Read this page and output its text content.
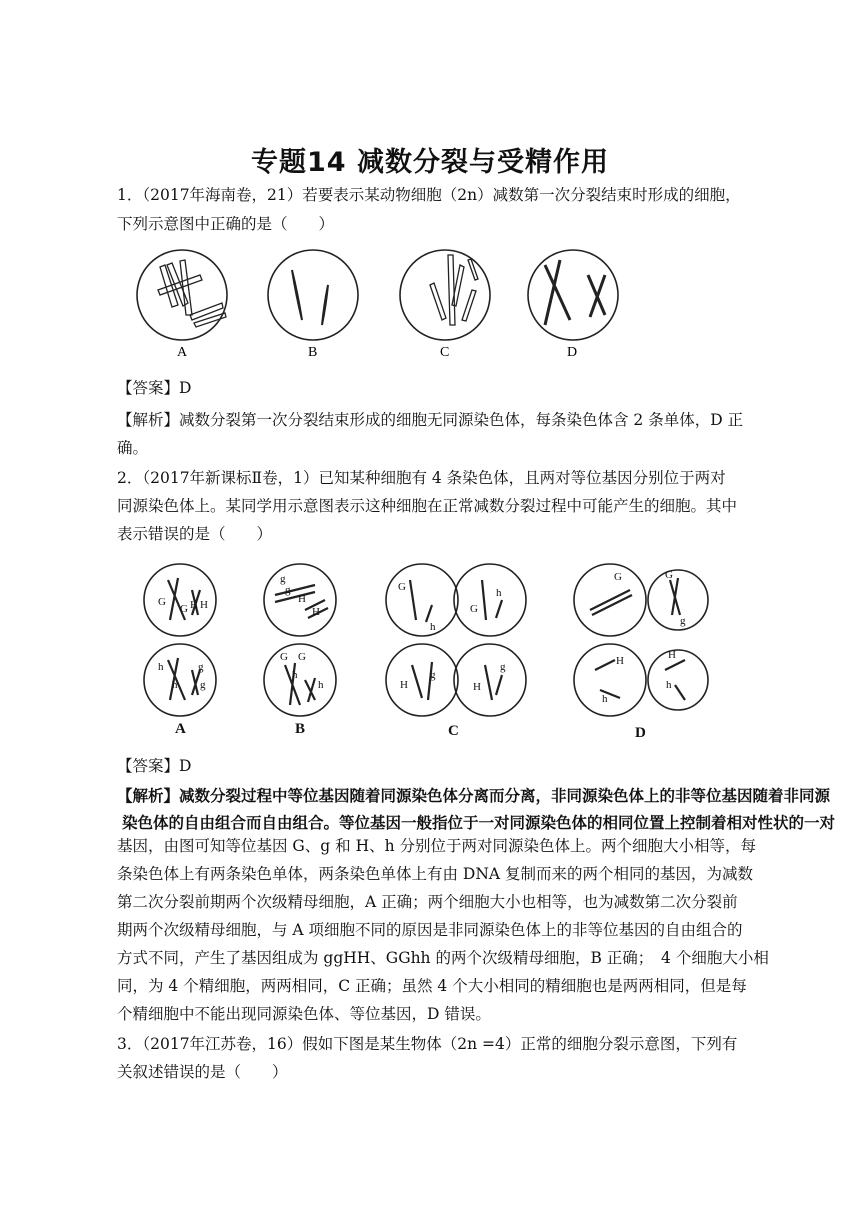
专题14 减数分裂与受精作用
1．（2017年海南卷，21）若要表示某动物细胞（2n）减数第一次分裂结束时形成的细胞，
下列示意图中正确的是（　　）
A	B	C	D
【答案】D
【解析】减数分裂第一次分裂结束形成的细胞无同源染色体，每条染色体含 2 条单体，D 正
确。
2．（2017年新课标Ⅱ卷，1）已知某种细胞有 4 条染色体，且两对等位基因分别位于两对
同源染色体上。某同学用示意图表示这种细胞在正常减数分裂过程中可能产生的细胞。其中
表示错误的是（　　）
G
G H H
h	g
h g
g
H
H
g
G G
h
h
G
h
G
h
H
g
H
g
G	G
g
H
h
H
h
A	B	C	D
【答案】D
【解析】减数分裂过程中等位基因随着同源染色体分离而分离，非同源染色体上的非等位基因随着非同源
染色体的自由组合而自由组合。等位基因一般指位于一对同源染色体的相同位置上控制着相对性状的一对
基因，由图可知等位基因 G、g 和 H、h 分别位于两对同源染色体上。两个细胞大小相等，每
条染色体上有两条染色单体，两条染色单体上有由 DNA 复制而来的两个相同的基因，为减数
第二次分裂前期两个次级精母细胞，A 正确；两个细胞大小也相等，也为减数第二次分裂前
期两个次级精母细胞，与 A 项细胞不同的原因是非同源染色体上的非等位基因的自由组合的
方式不同，产生了基因组成为 ggHH、GGhh 的两个次级精母细胞，B 正确；　4 个细胞大小相
同，为 4 个精细胞，两两相同，C 正确；虽然 4 个大小相同的精细胞也是两两相同，但是每
个精细胞中不能出现同源染色体、等位基因，D 错误。
3．（2017年江苏卷，16）假如下图是某生物体（2n =4）正常的细胞分裂示意图，下列有
关叙述错误的是（　　）
